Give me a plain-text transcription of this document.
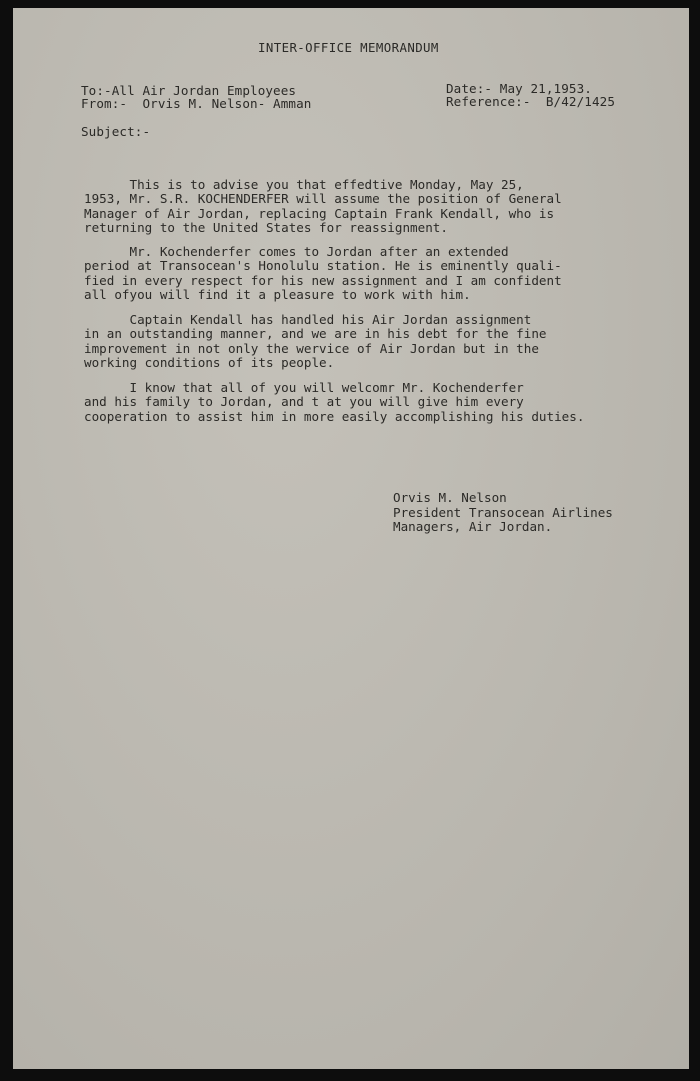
INTER-OFFICE MEMORANDUM
To:-All Air Jordan Employees
From:-  Orvis M. Nelson- Amman
Date:- May 21,1953.
Reference:-  B/42/1425
Subject:-
This is to advise you that effedtive Monday, May 25,
1953, Mr. S.R. KOCHENDERFER will assume the position of General
Manager of Air Jordan, replacing Captain Frank Kendall, who is
returning to the United States for reassignment.
Mr. Kochenderfer comes to Jordan after an extended
period at Transocean's Honolulu station. He is eminently quali-
fied in every respect for his new assignment and I am confident
all ofyou will find it a pleasure to work with him.
Captain Kendall has handled his Air Jordan assignment
in an outstanding manner, and we are in his debt for the fine
improvement in not only the wervice of Air Jordan but in the
working conditions of its people.
I know that all of you will welcomr Mr. Kochenderfer
and his family to Jordan, and t at you will give him every
cooperation to assist him in more easily accomplishing his duties.
Orvis M. Nelson
President Transocean Airlines
Managers, Air Jordan.
